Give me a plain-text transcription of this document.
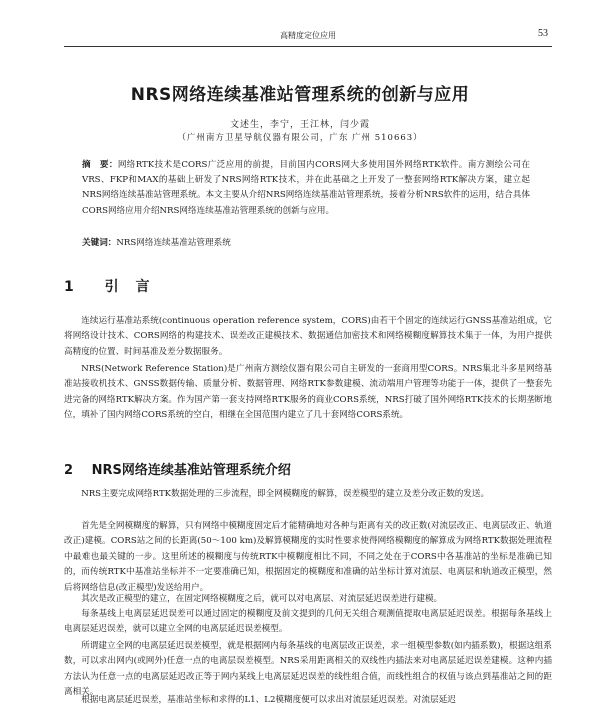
高精度定位应用	53
NRS网络连续基准站管理系统的创新与应用
文述生，李宁，王江林，闫少霞
（广州南方卫星导航仪器有限公司，广东 广州 510663）
摘　要：网络RTK技术是CORS广泛应用的前提，目前国内CORS网大多使用国外网络RTK软件。南方测绘公司在VRS、FKP和MAX的基础上研发了NRS网络RTK技术，并在此基础之上开发了一整套网络RTK解决方案，建立起NRS网络连续基准站管理系统。本文主要从介绍NRS网络连续基准站管理系统，接着分析NRS软件的运用，结合具体CORS网络应用介绍NRS网络连续基准站管理系统的创新与应用。
关键词：NRS网络连续基准站管理系统
1 引 言
连续运行基准站系统(continuous operation reference system，CORS)由若干个固定的连续运行GNSS基准站组成，它将网络设计技术、CORS网络的构建技术、误差改正建模技术、数据通信加密技术和网络模糊度解算技术集于一体，为用户提供高精度的位置、时间基准及差分数据服务。
NRS(Network Reference Station)是广州南方测绘仪器有限公司自主研发的一套商用型CORS。NRS集北斗多星网络基准站接收机技术、GNSS数据传输、质量分析、数据管理、网络RTK参数建模、流动端用户管理等功能于一体，提供了一整套先进完备的网络RTK解决方案。作为国产第一套支持网络RTK服务的商业CORS系统，NRS打破了国外网络RTK技术的长期垄断地位，填补了国内网络CORS系统的空白，相继在全国范围内建立了几十套网络CORS系统。
2 NRS网络连续基准站管理系统介绍
NRS主要完成网络RTK数据处理的三步流程，即全网模糊度的解算，误差模型的建立及差分改正数的发送。
首先是全网模糊度的解算，只有网络中模糊度固定后才能精确地对各种与距离有关的改正数(对流层改正、电离层改正、轨道改正)建模。CORS站之间的长距离(50～100 km)及解算模糊度的实时性要求使得网络模糊度的解算成为网络RTK数据处理流程中最难也最关键的一步。这里所述的模糊度与传统RTK中模糊度相比不同，不同之处在于CORS中各基准站的坐标是准确已知的，而传统RTK中基准站坐标并不一定要准确已知，根据固定的模糊度和准确的站坐标计算对流层、电离层和轨道改正模型，然后将网络信息(改正模型)发送给用户。
其次是改正模型的建立，在固定网络模糊度之后，就可以对电离层、对流层延迟误差进行建模。
每条基线上电离层延迟误差可以通过固定的模糊度及前文提到的几何无关组合观测值提取电离层延迟误差。根据每条基线上电离层延迟误差，就可以建立全网的电离层延迟误差模型。
所谓建立全网的电离层延迟误差模型，就是根据网内每条基线的电离层改正误差，求一组模型参数(如内插系数)，根据这组系数，可以求出网内(或网外)任意一点的电离层误差模型。NRS采用距离相关的双线性内插法来对电离层延迟误差建模。这种内插方法认为任意一点的电离层延迟改正等于网内某线上电离层延迟误差的线性组合值，而线性组合的权值与该点到基准站之间的距离相关。
根据电离层延迟误差，基准站坐标和求得的L1、L2模糊度便可以求出对流层延迟误差。对流层延迟
